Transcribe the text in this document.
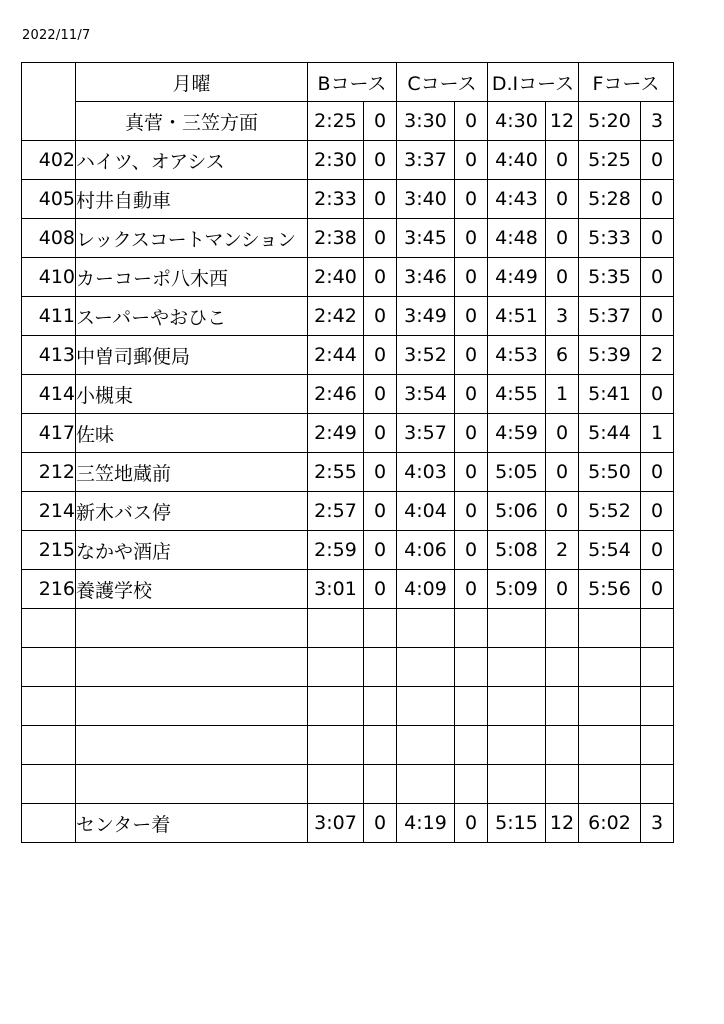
2022/11/7
	月曜	Bコース		Cコース		D.Iコース		Fコース	
	真菅・三笠方面	2:25	0	3:30	0	4:30	12	5:20	3
402	ハイツ、オアシス	2:30	0	3:37	0	4:40	0	5:25	0
405	村井自動車	2:33	0	3:40	0	4:43	0	5:28	0
408	レックスコートマンション	2:38	0	3:45	0	4:48	0	5:33	0
410	カーコーポ八木西	2:40	0	3:46	0	4:49	0	5:35	0
411	スーパーやおひこ	2:42	0	3:49	0	4:51	3	5:37	0
413	中曽司郵便局	2:44	0	3:52	0	4:53	6	5:39	2
414	小槻東	2:46	0	3:54	0	4:55	1	5:41	0
417	佐味	2:49	0	3:57	0	4:59	0	5:44	1
212	三笠地蔵前	2:55	0	4:03	0	5:05	0	5:50	0
214	新木バス停	2:57	0	4:04	0	5:06	0	5:52	0
215	なかや酒店	2:59	0	4:06	0	5:08	2	5:54	0
216	養護学校	3:01	0	4:09	0	5:09	0	5:56	0

	センター着	3:07	0	4:19	0	5:15	12	6:02	3
